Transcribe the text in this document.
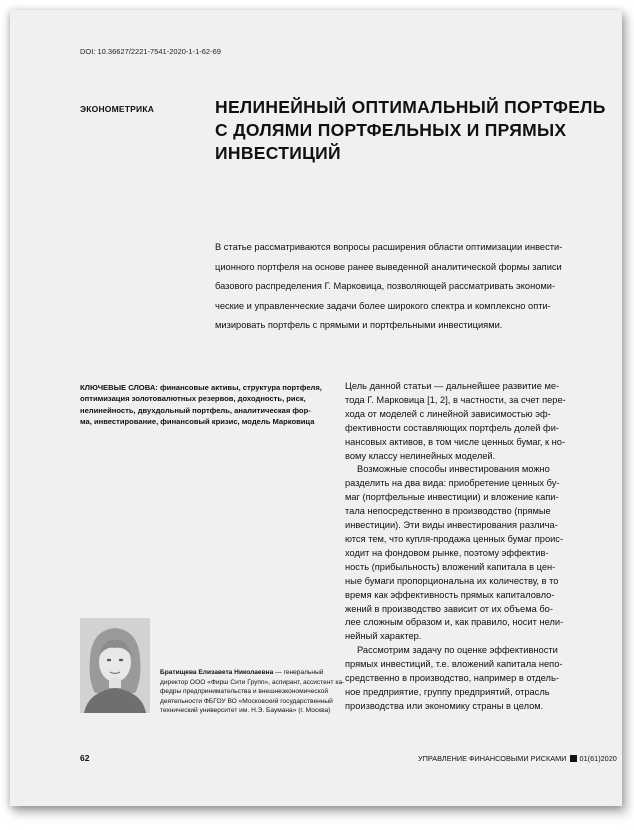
DOI: 10.36627/2221-7541-2020-1-1-62-69
ЭКОНОМЕТРИКА	НЕЛИНЕЙНЫЙ ОПТИМАЛЬНЫЙ ПОРТФЕЛЬ
С ДОЛЯМИ ПОРТФЕЛЬНЫХ И ПРЯМЫХ
ИНВЕСТИЦИЙ
В статье рассматриваются вопросы расширения области оптимизации инвести-
ционного портфеля на основе ранее выведенной аналитической формы записи
базового распределения Г. Марковица, позволяющей рассматривать экономи-
ческие и управленческие задачи более широкого спектра и комплексно опти-
мизировать портфель с прямыми и портфельными инвестициями.
КЛЮЧЕВЫЕ СЛОВА: финансовые активы, структура портфеля,
оптимизация золотовалютных резервов, доходность, риск,
нелинейность, двухдольный портфель, аналитическая фор-
ма, инвестирование, финансовый кризис, модель Марковица
Цель данной статьи — дальнейшее развитие ме-
тода Г. Марковица [1, 2], в частности, за счет пере-
хода от моделей с линейной зависимостью эф-
фективности составляющих портфель долей фи-
нансовых активов, в том числе ценных бумаг, к но-
вому классу нелинейных моделей.
Возможные способы инвестирования можно
разделить на два вида: приобретение ценных бу-
маг (портфельные инвестиции) и вложение капи-
тала непосредственно в производство (прямые
инвестиции). Эти виды инвестирования различа-
ются тем, что купля-продажа ценных бумаг проис-
ходит на фондовом рынке, поэтому эффектив-
ность (прибыльность) вложений капитала в цен-
ные бумаги пропорциональна их количеству, в то
время как эффективность прямых капиталовло-
жений в производство зависит от их объема бо-
лее сложным образом и, как правило, носит нели-
нейный характер.
Рассмотрим задачу по оценке эффективности
прямых инвестиций, т.е. вложений капитала непо-
средственно в производство, например в отдель-
ное предприятие, группу предприятий, отрасль
производства или экономику страны в целом.
Братищева Елизавета Николаевна — генеральный
директор ООО «Фирш Сити Групп», аспирант, ассистент ка-
федры предпринимательства и внешнеэкономической
деятельности ФБГОУ ВО «Московский государственный
технический университет им. Н.Э. Баумана» (г. Москва)
62	УПРАВЛЕНИЕ ФИНАНСОВЫМИ РИСКАМИ 01(61)2020
